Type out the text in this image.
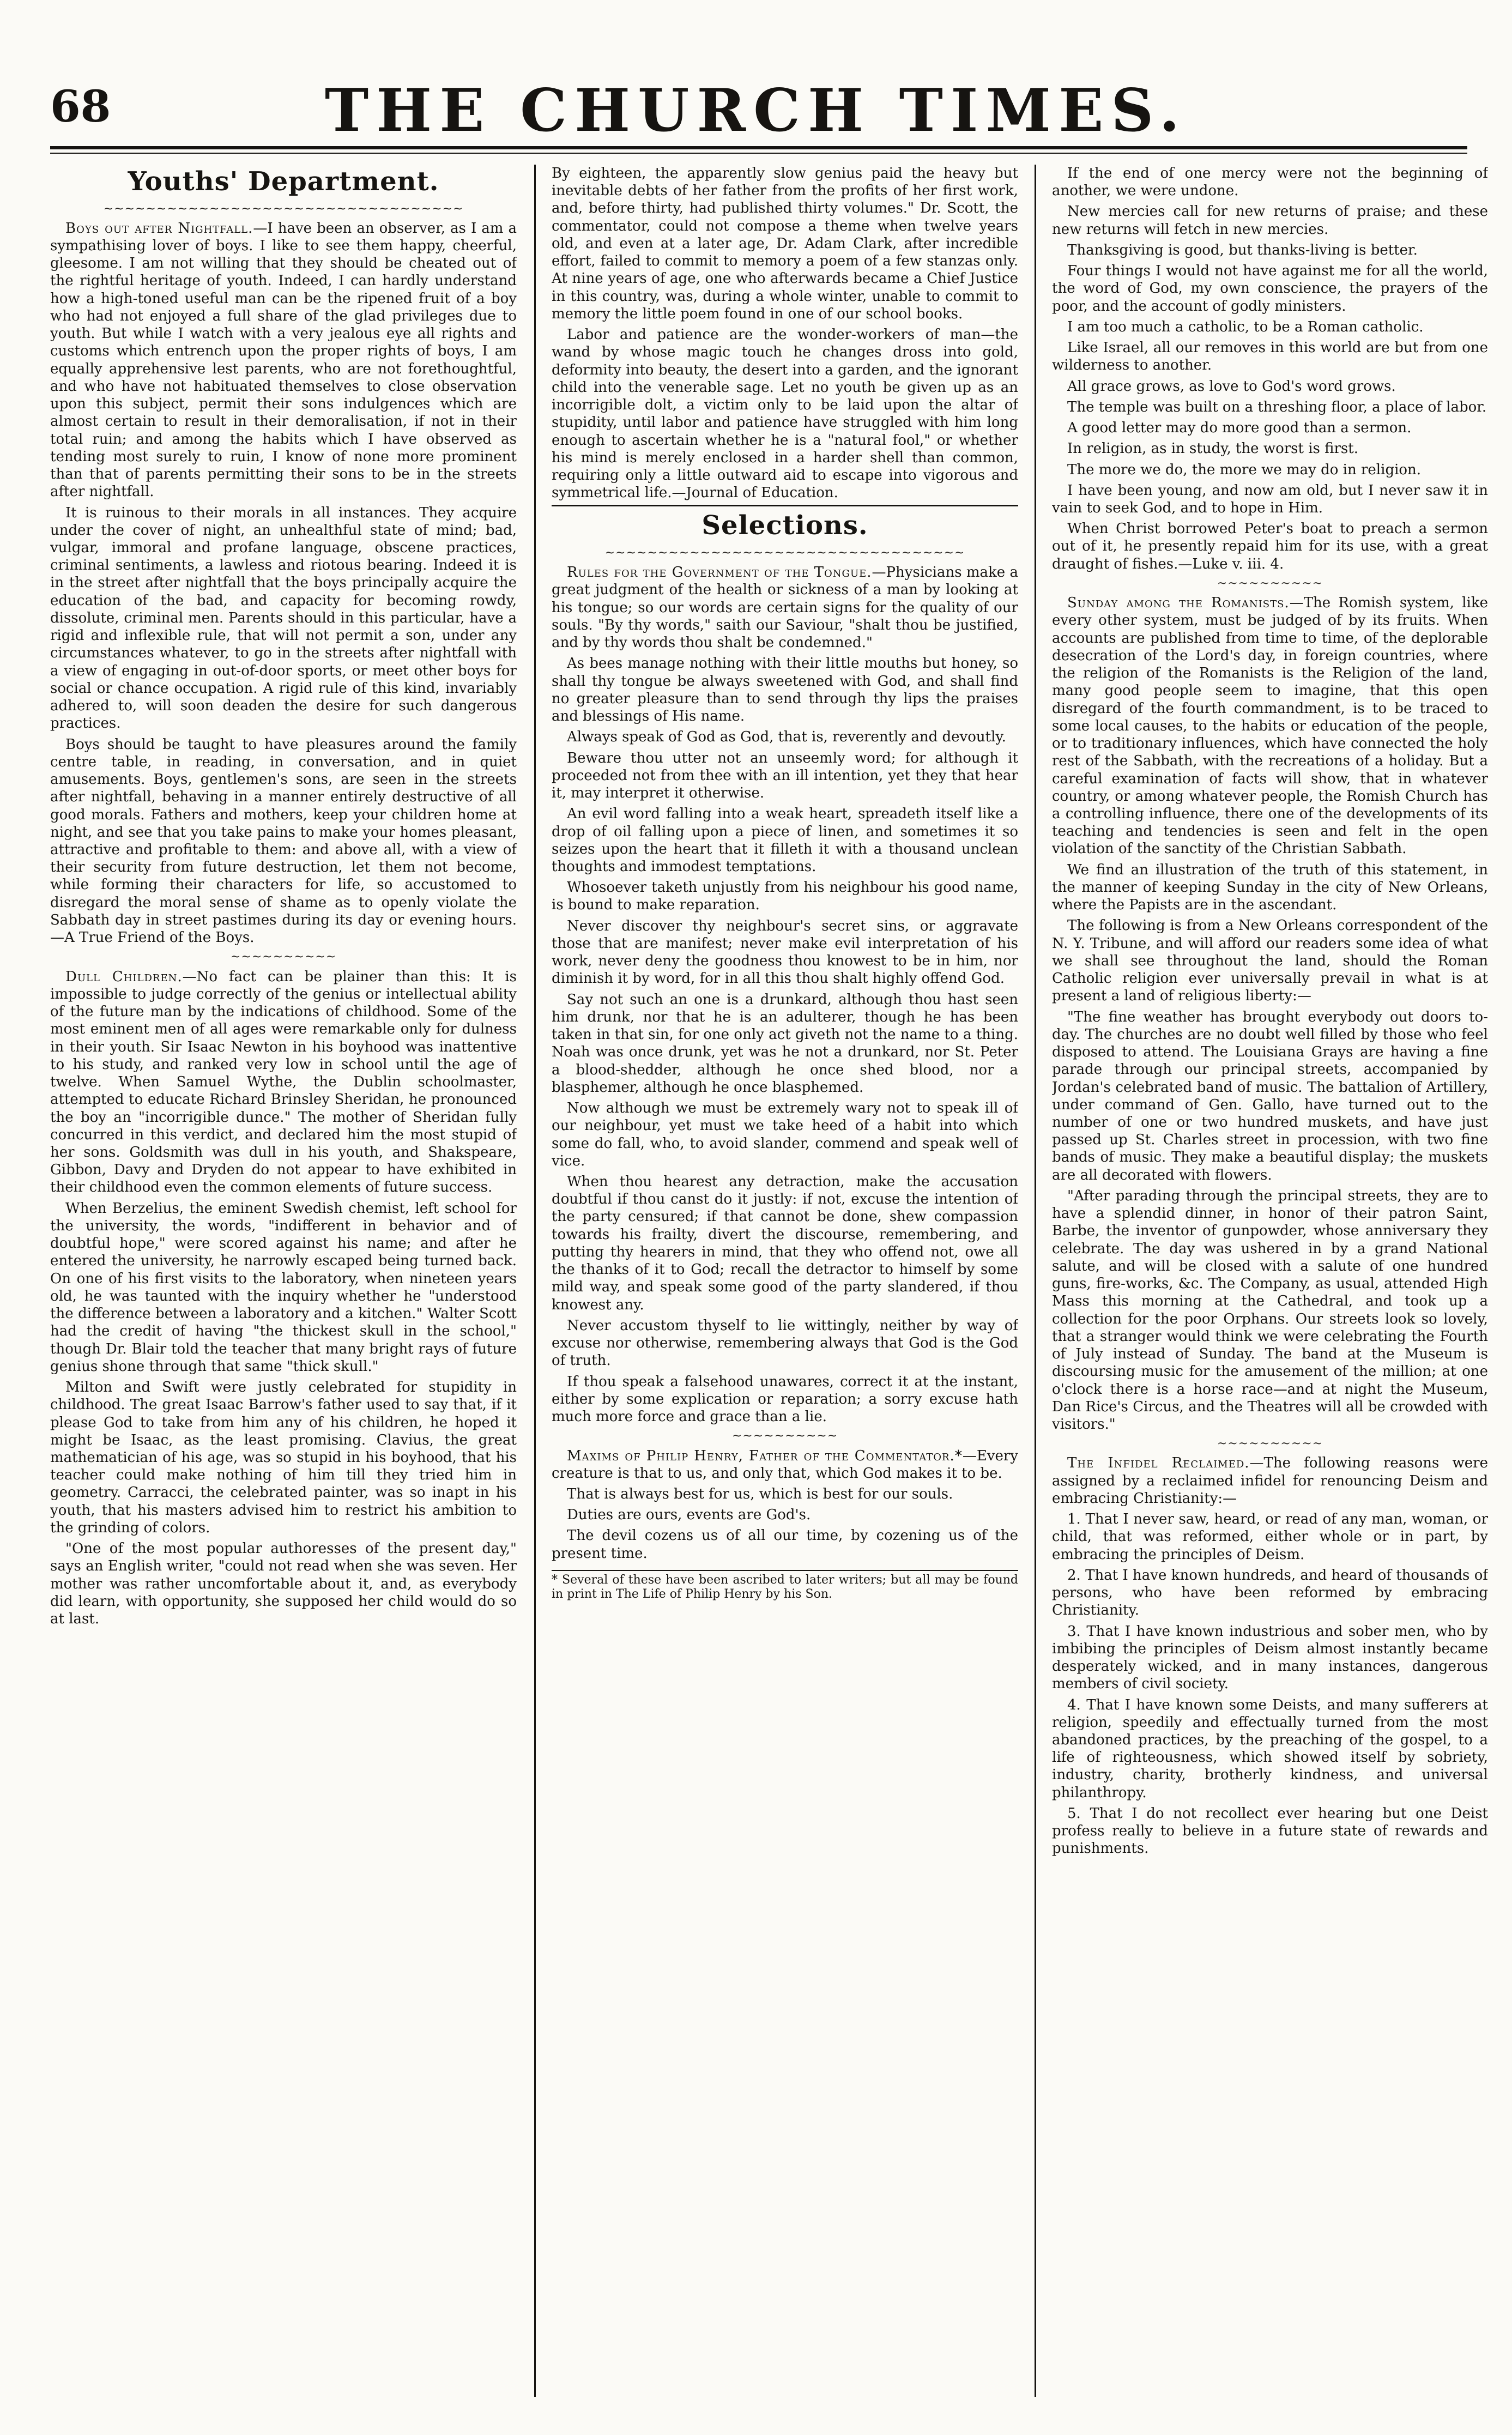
68	THE CHURCH TIMES.
Youths' Department.
~~~~~~~~~~~~~~~~~~~~~~~~~~~~~~~~~~

Boys out after Nightfall.—I have been an observer, as I am a sympathising lover of boys. I like to see them happy, cheerful, gleesome. I am not willing that they should be cheated out of the rightful heritage of youth. Indeed, I can hardly understand how a high-toned useful man can be the ripened fruit of a boy who had not enjoyed a full share of the glad privileges due to youth. But while I watch with a very jealous eye all rights and customs which entrench upon the proper rights of boys, I am equally apprehensive lest parents, who are not forethoughtful, and who have not habituated themselves to close observation upon this subject, permit their sons indulgences which are almost certain to result in their demoralisation, if not in their total ruin; and among the habits which I have observed as tending most surely to ruin, I know of none more prominent than that of parents permitting their sons to be in the streets after nightfall.

It is ruinous to their morals in all instances. They acquire under the cover of night, an unhealthful state of mind; bad, vulgar, immoral and profane language, obscene practices, criminal sentiments, a lawless and riotous bearing. Indeed it is in the street after nightfall that the boys principally acquire the education of the bad, and capacity for becoming rowdy, dissolute, criminal men. Parents should in this particular, have a rigid and inflexible rule, that will not permit a son, under any circumstances whatever, to go in the streets after nightfall with a view of engaging in out-of-door sports, or meet other boys for social or chance occupation. A rigid rule of this kind, invariably adhered to, will soon deaden the desire for such dangerous practices.

Boys should be taught to have pleasures around the family centre table, in reading, in conversation, and in quiet amusements. Boys, gentlemen's sons, are seen in the streets after nightfall, behaving in a manner entirely destructive of all good morals. Fathers and mothers, keep your children home at night, and see that you take pains to make your homes pleasant, attractive and profitable to them: and above all, with a view of their security from future destruction, let them not become, while forming their characters for life, so accustomed to disregard the moral sense of shame as to openly violate the Sabbath day in street pastimes during its day or evening hours.—A True Friend of the Boys.

~~~~~~~~~~

Dull Children.—No fact can be plainer than this: It is impossible to judge correctly of the genius or intellectual ability of the future man by the indications of childhood. Some of the most eminent men of all ages were remarkable only for dulness in their youth. Sir Isaac Newton in his boyhood was inattentive to his study, and ranked very low in school until the age of twelve. When Samuel Wythe, the Dublin schoolmaster, attempted to educate Richard Brinsley Sheridan, he pronounced the boy an "incorrigible dunce." The mother of Sheridan fully concurred in this verdict, and declared him the most stupid of her sons. Goldsmith was dull in his youth, and Shakspeare, Gibbon, Davy and Dryden do not appear to have exhibited in their childhood even the common elements of future success.

When Berzelius, the eminent Swedish chemist, left school for the university, the words, "indifferent in behavior and of doubtful hope," were scored against his name; and after he entered the university, he narrowly escaped being turned back. On one of his first visits to the laboratory, when nineteen years old, he was taunted with the inquiry whether he "understood the difference between a laboratory and a kitchen." Walter Scott had the credit of having "the thickest skull in the school," though Dr. Blair told the teacher that many bright rays of future genius shone through that same "thick skull."

Milton and Swift were justly celebrated for stupidity in childhood. The great Isaac Barrow's father used to say that, if it please God to take from him any of his children, he hoped it might be Isaac, as the least promising. Clavius, the great mathematician of his age, was so stupid in his boyhood, that his teacher could make nothing of him till they tried him in geometry. Carracci, the celebrated painter, was so inapt in his youth, that his masters advised him to restrict his ambition to the grinding of colors.

"One of the most popular authoresses of the present day," says an English writer, "could not read when she was seven. Her mother was rather uncomfortable about it, and, as everybody did learn, with opportunity, she supposed her child would do so at last.

By eighteen, the apparently slow genius paid the heavy but inevitable debts of her father from the profits of her first work, and, before thirty, had published thirty volumes." Dr. Scott, the commentator, could not compose a theme when twelve years old, and even at a later age, Dr. Adam Clark, after incredible effort, failed to commit to memory a poem of a few stanzas only. At nine years of age, one who afterwards became a Chief Justice in this country, was, during a whole winter, unable to commit to memory the little poem found in one of our school books.

Labor and patience are the wonder-workers of man—the wand by whose magic touch he changes dross into gold, deformity into beauty, the desert into a garden, and the ignorant child into the venerable sage. Let no youth be given up as an incorrigible dolt, a victim only to be laid upon the altar of stupidity, until labor and patience have struggled with him long enough to ascertain whether he is a "natural fool," or whether his mind is merely enclosed in a harder shell than common, requiring only a little outward aid to escape into vigorous and symmetrical life.—Journal of Education.

Selections.
~~~~~~~~~~~~~~~~~~~~~~~~~~~~~~~~~~

Rules for the Government of the Tongue.—Physicians make a great judgment of the health or sickness of a man by looking at his tongue; so our words are certain signs for the quality of our souls. "By thy words," saith our Saviour, "shalt thou be justified, and by thy words thou shalt be condemned."

As bees manage nothing with their little mouths but honey, so shall thy tongue be always sweetened with God, and shall find no greater pleasure than to send through thy lips the praises and blessings of His name.

Always speak of God as God, that is, reverently and devoutly.

Beware thou utter not an unseemly word; for although it proceeded not from thee with an ill intention, yet they that hear it, may interpret it otherwise.

An evil word falling into a weak heart, spreadeth itself like a drop of oil falling upon a piece of linen, and sometimes it so seizes upon the heart that it filleth it with a thousand unclean thoughts and immodest temptations.

Whosoever taketh unjustly from his neighbour his good name, is bound to make reparation.

Never discover thy neighbour's secret sins, or aggravate those that are manifest; never make evil interpretation of his work, never deny the goodness thou knowest to be in him, nor diminish it by word, for in all this thou shalt highly offend God.

Say not such an one is a drunkard, although thou hast seen him drunk, nor that he is an adulterer, though he has been taken in that sin, for one only act giveth not the name to a thing. Noah was once drunk, yet was he not a drunkard, nor St. Peter a blood-shedder, although he once shed blood, nor a blasphemer, although he once blasphemed.

Now although we must be extremely wary not to speak ill of our neighbour, yet must we take heed of a habit into which some do fall, who, to avoid slander, commend and speak well of vice.

When thou hearest any detraction, make the accusation doubtful if thou canst do it justly: if not, excuse the intention of the party censured; if that cannot be done, shew compassion towards his frailty, divert the discourse, remembering, and putting thy hearers in mind, that they who offend not, owe all the thanks of it to God; recall the detractor to himself by some mild way, and speak some good of the party slandered, if thou knowest any.

Never accustom thyself to lie wittingly, neither by way of excuse nor otherwise, remembering always that God is the God of truth.

If thou speak a falsehood unawares, correct it at the instant, either by some explication or reparation; a sorry excuse hath much more force and grace than a lie.

~~~~~~~~~~

Maxims of Philip Henry, Father of the Commentator.*—Every creature is that to us, and only that, which God makes it to be.

That is always best for us, which is best for our souls.

Duties are ours, events are God's.

The devil cozens us of all our time, by cozening us of the present time.

* Several of these have been ascribed to later writers; but all may be found in print in The Life of Philip Henry by his Son.

If the end of one mercy were not the beginning of another, we were undone.

New mercies call for new returns of praise; and these new returns will fetch in new mercies.

Thanksgiving is good, but thanks-living is better.

Four things I would not have against me for all the world, the word of God, my own conscience, the prayers of the poor, and the account of godly ministers.

I am too much a catholic, to be a Roman catholic.

Like Israel, all our removes in this world are but from one wilderness to another.

All grace grows, as love to God's word grows.

The temple was built on a threshing floor, a place of labor.

A good letter may do more good than a sermon.

In religion, as in study, the worst is first.

The more we do, the more we may do in religion.

I have been young, and now am old, but I never saw it in vain to seek God, and to hope in Him.

When Christ borrowed Peter's boat to preach a sermon out of it, he presently repaid him for its use, with a great draught of fishes.—Luke v. iii. 4.

~~~~~~~~~~

Sunday among the Romanists.—The Romish system, like every other system, must be judged of by its fruits. When accounts are published from time to time, of the deplorable desecration of the Lord's day, in foreign countries, where the religion of the Romanists is the Religion of the land, many good people seem to imagine, that this open disregard of the fourth commandment, is to be traced to some local causes, to the habits or education of the people, or to traditionary influences, which have connected the holy rest of the Sabbath, with the recreations of a holiday. But a careful examination of facts will show, that in whatever country, or among whatever people, the Romish Church has a controlling influence, there one of the developments of its teaching and tendencies is seen and felt in the open violation of the sanctity of the Christian Sabbath.

We find an illustration of the truth of this statement, in the manner of keeping Sunday in the city of New Orleans, where the Papists are in the ascendant.

The following is from a New Orleans correspondent of the N. Y. Tribune, and will afford our readers some idea of what we shall see throughout the land, should the Roman Catholic religion ever universally prevail in what is at present a land of religious liberty:—

"The fine weather has brought everybody out doors to-day. The churches are no doubt well filled by those who feel disposed to attend. The Louisiana Grays are having a fine parade through our principal streets, accompanied by Jordan's celebrated band of music. The battalion of Artillery, under command of Gen. Gallo, have turned out to the number of one or two hundred muskets, and have just passed up St. Charles street in procession, with two fine bands of music. They make a beautiful display; the muskets are all decorated with flowers.

"After parading through the principal streets, they are to have a splendid dinner, in honor of their patron Saint, Barbe, the inventor of gunpowder, whose anniversary they celebrate. The day was ushered in by a grand National salute, and will be closed with a salute of one hundred guns, fire-works, &c. The Company, as usual, attended High Mass this morning at the Cathedral, and took up a collection for the poor Orphans. Our streets look so lovely, that a stranger would think we were celebrating the Fourth of July instead of Sunday. The band at the Museum is discoursing music for the amusement of the million; at one o'clock there is a horse race—and at night the Museum, Dan Rice's Circus, and the Theatres will all be crowded with visitors."

~~~~~~~~~~

The Infidel Reclaimed.—The following reasons were assigned by a reclaimed infidel for renouncing Deism and embracing Christianity:—

1. That I never saw, heard, or read of any man, woman, or child, that was reformed, either whole or in part, by embracing the principles of Deism.

2. That I have known hundreds, and heard of thousands of persons, who have been reformed by embracing Christianity.

3. That I have known industrious and sober men, who by imbibing the principles of Deism almost instantly became desperately wicked, and in many instances, dangerous members of civil society.

4. That I have known some Deists, and many sufferers at religion, speedily and effectually turned from the most abandoned practices, by the preaching of the gospel, to a life of righteousness, which showed itself by sobriety, industry, charity, brotherly kindness, and universal philanthropy.

5. That I do not recollect ever hearing but one Deist profess really to believe in a future state of rewards and punishments.
